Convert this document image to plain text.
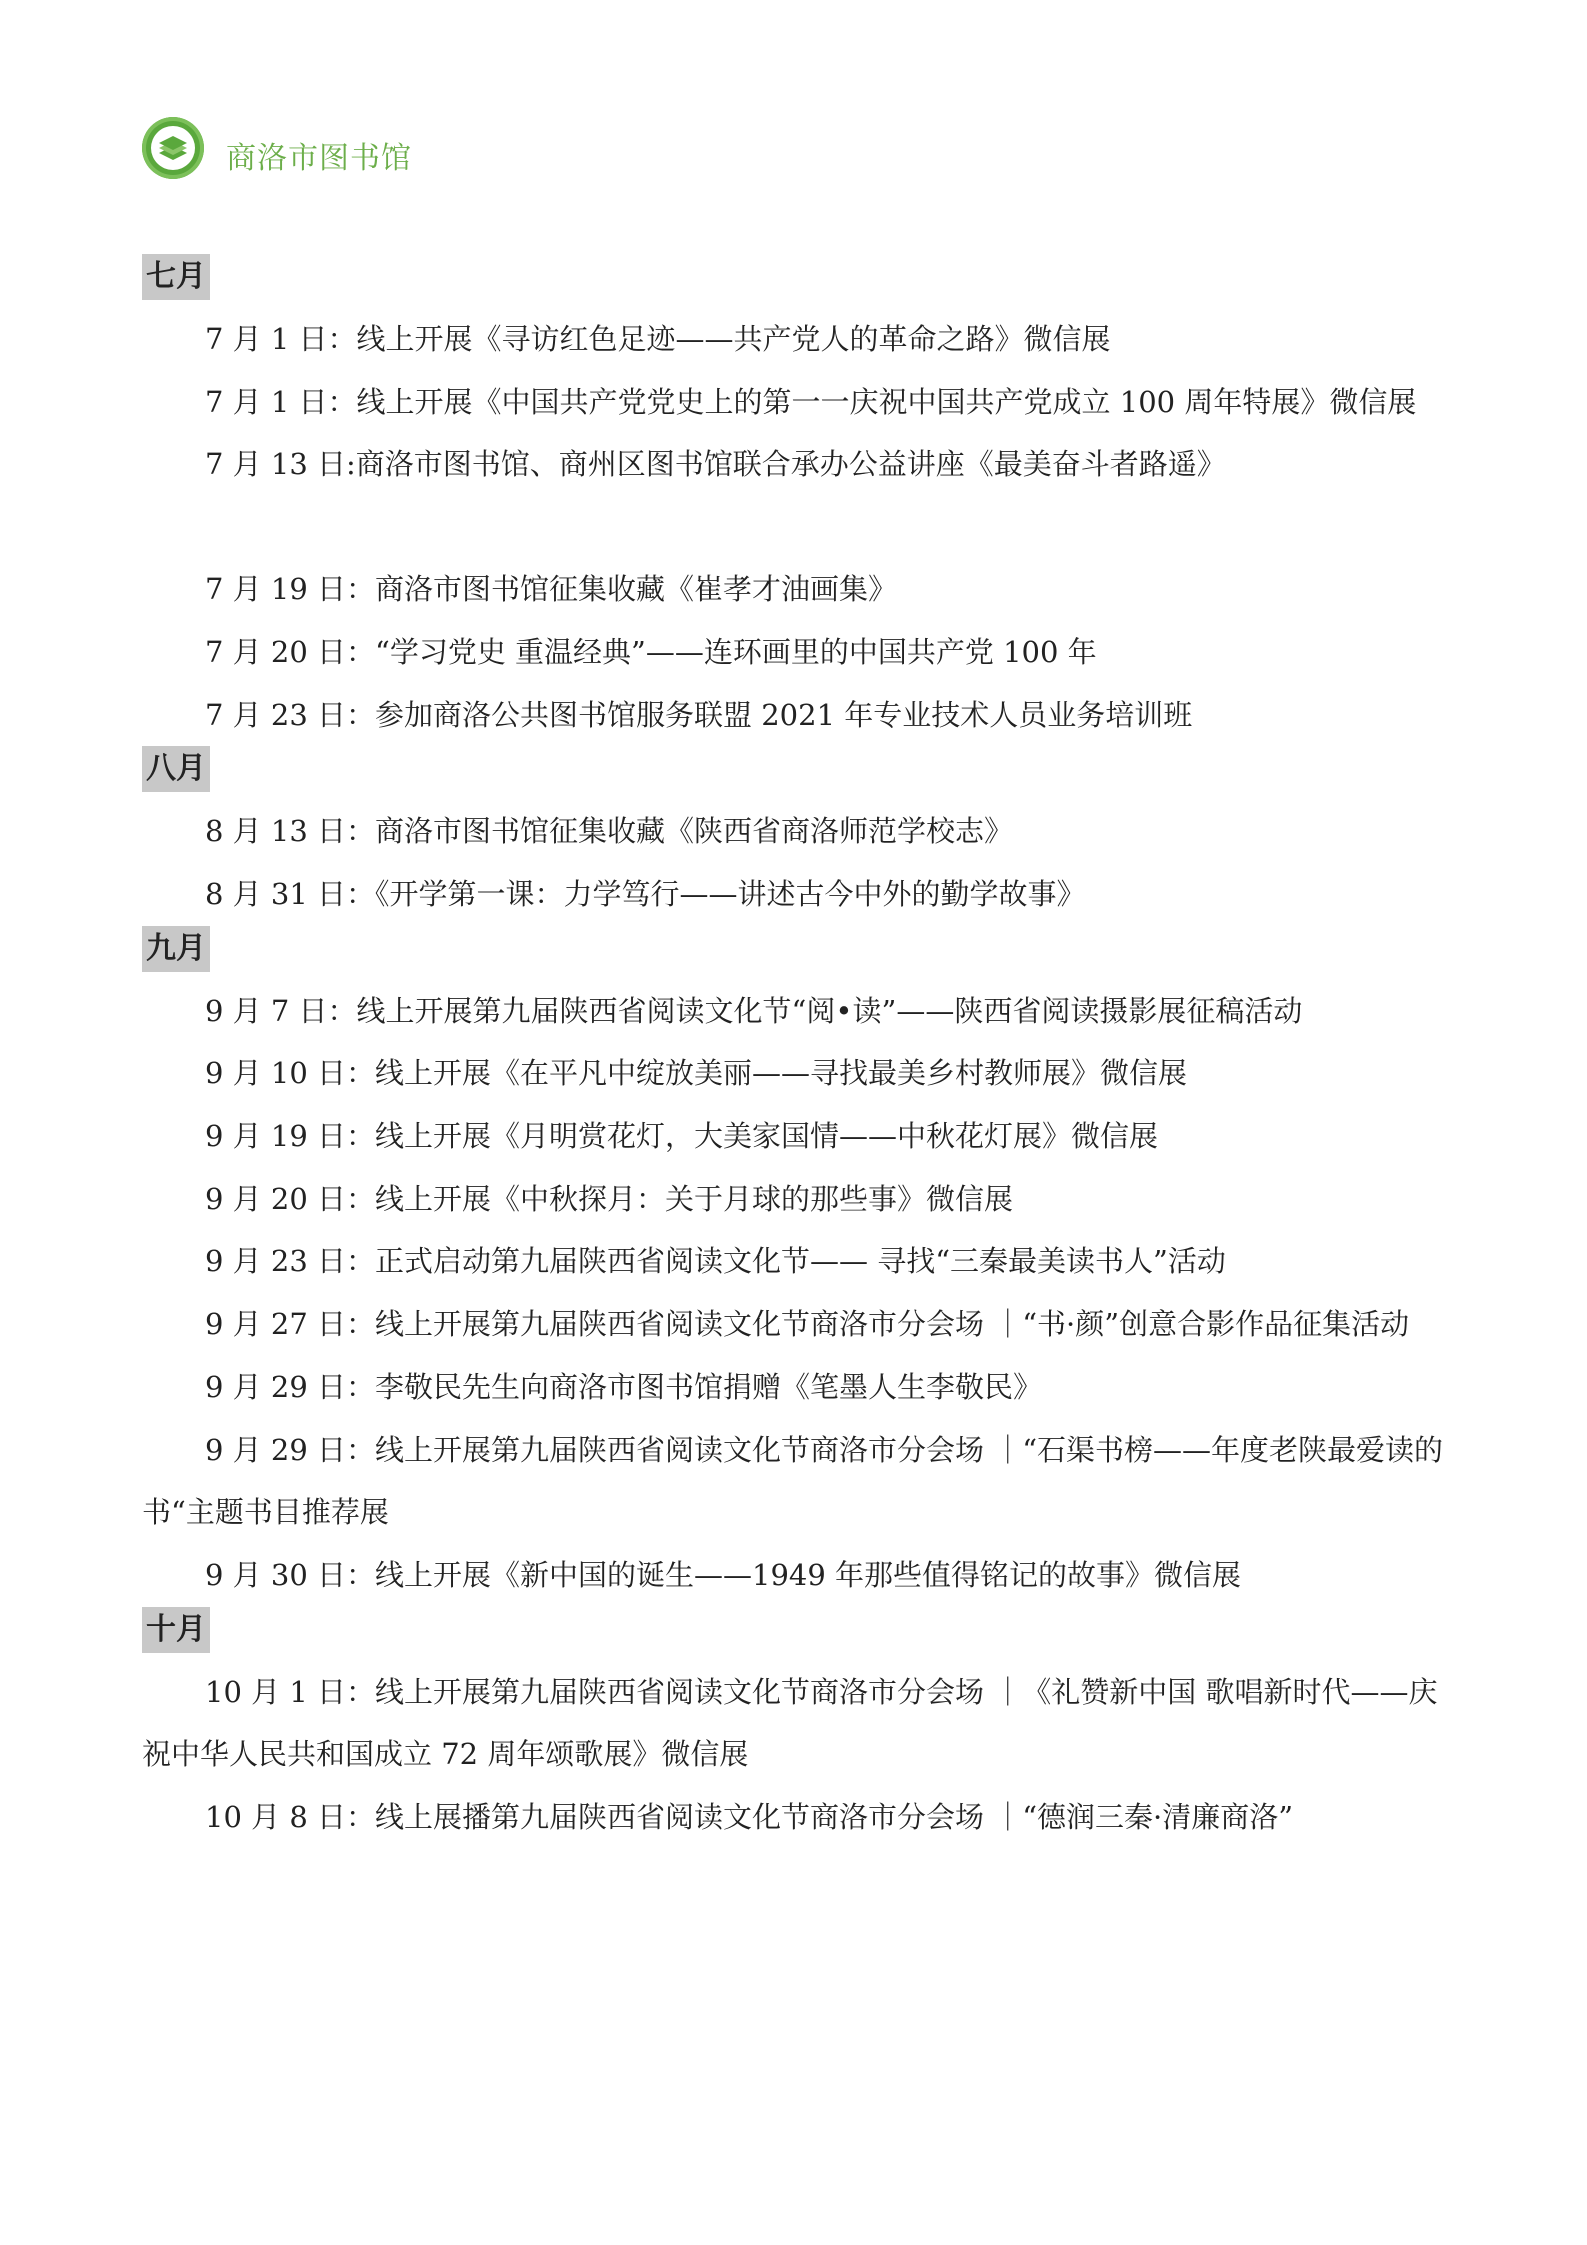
商洛市图书馆
七月

7 月 1 日：线上开展《寻访红色足迹——共产党人的革命之路》微信展

7 月 1 日：线上开展《中国共产党党史上的第一一庆祝中国共产党成立 100 周年特展》微信展

7 月 13 日:商洛市图书馆、商州区图书馆联合承办公益讲座《最美奋斗者路遥》

7 月 19 日：商洛市图书馆征集收藏《崔孝才油画集》

7 月 20 日：“学习党史 重温经典”——连环画里的中国共产党 100 年

7 月 23 日：参加商洛公共图书馆服务联盟 2021 年专业技术人员业务培训班

八月

8 月 13 日：商洛市图书馆征集收藏《陕西省商洛师范学校志》

8 月 31 日：《开学第一课：力学笃行——讲述古今中外的勤学故事》

九月

9 月 7 日：线上开展第九届陕西省阅读文化节“阅•读”——陕西省阅读摄影展征稿活动

9 月 10 日：线上开展《在平凡中绽放美丽——寻找最美乡村教师展》微信展

9 月 19 日：线上开展《月明赏花灯，大美家国情——中秋花灯展》微信展

9 月 20 日：线上开展《中秋探月：关于月球的那些事》微信展

9 月 23 日：正式启动第九届陕西省阅读文化节—— 寻找“三秦最美读书人”活动

9 月 27 日：线上开展第九届陕西省阅读文化节商洛市分会场 ｜“书·颜”创意合影作品征集活动

9 月 29 日：李敬民先生向商洛市图书馆捐赠《笔墨人生李敬民》

9 月 29 日：线上开展第九届陕西省阅读文化节商洛市分会场 ｜“石渠书榜——年度老陕最爱读的书“主题书目推荐展

9 月 30 日：线上开展《新中国的诞生——1949 年那些值得铭记的故事》微信展

十月

10 月 1 日：线上开展第九届陕西省阅读文化节商洛市分会场 ｜《礼赞新中国 歌唱新时代——庆祝中华人民共和国成立 72 周年颂歌展》微信展

10 月 8 日：线上展播第九届陕西省阅读文化节商洛市分会场 ｜“德润三秦·清廉商洛”
